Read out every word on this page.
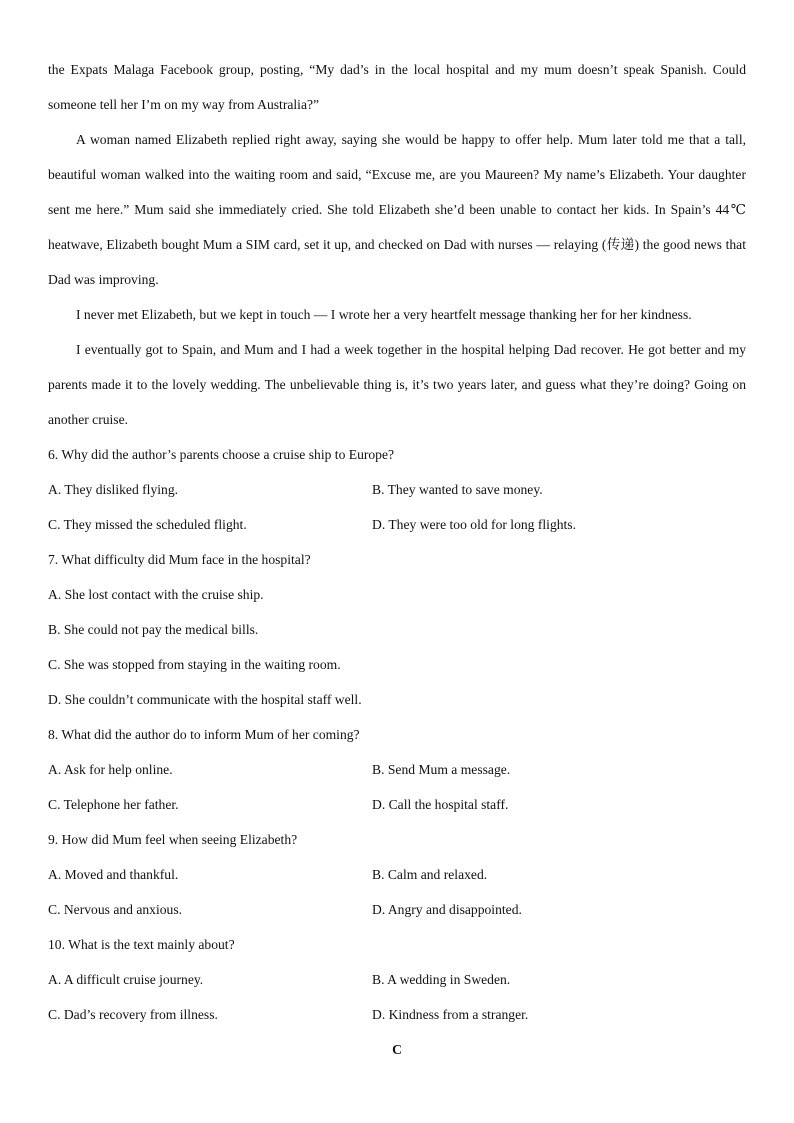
the Expats Malaga Facebook group, posting, “My dad’s in the local hospital and my mum doesn’t speak Spanish. Could someone tell her I’m on my way from Australia?”

A woman named Elizabeth replied right away, saying she would be happy to offer help. Mum later told me that a tall, beautiful woman walked into the waiting room and said, “Excuse me, are you Maureen? My name’s Elizabeth. Your daughter sent me here.” Mum said she immediately cried. She told Elizabeth she’d been unable to contact her kids. In Spain’s 44℃ heatwave, Elizabeth bought Mum a SIM card, set it up, and checked on Dad with nurses — relaying (传递) the good news that Dad was improving.

I never met Elizabeth, but we kept in touch — I wrote her a very heartfelt message thanking her for her kindness.

I eventually got to Spain, and Mum and I had a week together in the hospital helping Dad recover. He got better and my parents made it to the lovely wedding. The unbelievable thing is, it’s two years later, and guess what they’re doing? Going on another cruise.

6. Why did the author’s parents choose a cruise ship to Europe?

A. They disliked flying.	B. They wanted to save money.
C. They missed the scheduled flight.	D. They were too old for long flights.

7. What difficulty did Mum face in the hospital?

A. She lost contact with the cruise ship.

B. She could not pay the medical bills.

C. She was stopped from staying in the waiting room.

D. She couldn’t communicate with the hospital staff well.

8. What did the author do to inform Mum of her coming?

A. Ask for help online.	B. Send Mum a message.
C. Telephone her father.	D. Call the hospital staff.

9. How did Mum feel when seeing Elizabeth?

A. Moved and thankful.	B. Calm and relaxed.
C. Nervous and anxious.	D. Angry and disappointed.

10. What is the text mainly about?

A. A difficult cruise journey.	B. A wedding in Sweden.
C. Dad’s recovery from illness.	D. Kindness from a stranger.
C
